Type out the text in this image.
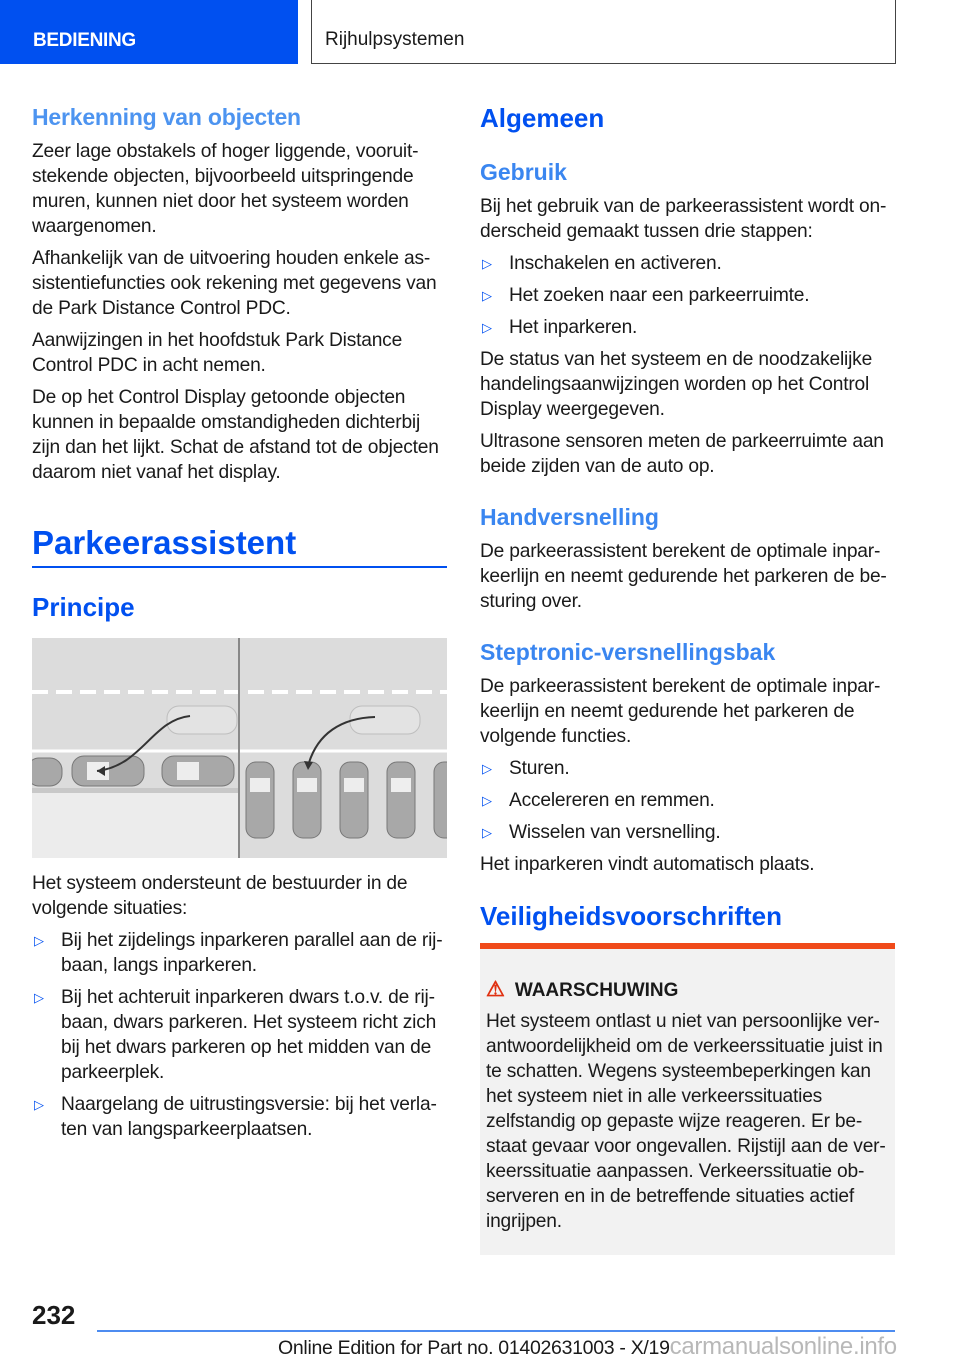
BEDIENING	Rijhulpsystemen
Herkenning van objecten

Zeer lage obstakels of hoger liggende, vooruitstekende objecten, bijvoorbeeld uitspringende muren, kunnen niet door het systeem worden waargenomen.

Afhankelijk van de uitvoering houden enkele assistentiefuncties ook rekening met gegevens van de Park Distance Control PDC.

Aanwijzingen in het hoofdstuk Park Distance Control PDC in acht nemen.

De op het Control Display getoonde objecten kunnen in bepaalde omstandigheden dichterbij zijn dan het lijkt. Schat de afstand tot de objecten daarom niet vanaf het display.

Parkeerassistent
Principe

Het systeem ondersteunt de bestuurder in de volgende situaties:

▷ Bij het zijdelings inparkeren parallel aan de rijbaan, langs inparkeren.
▷ Bij het achteruit inparkeren dwars t.o.v. de rijbaan, dwars parkeren. Het systeem richt zich bij het dwars parkeren op het midden van de parkeerplek.
▷ Naargelang de uitrustingsversie: bij het verlaten van langsparkeerplaatsen.
Algemeen
Gebruik

Bij het gebruik van de parkeerassistent wordt onderscheid gemaakt tussen drie stappen:

▷ Inschakelen en activeren.
▷ Het zoeken naar een parkeerruimte.
▷ Het inparkeren.

De status van het systeem en de noodzakelijke handelingsaanwijzingen worden op het Control Display weergegeven.

Ultrasone sensoren meten de parkeerruimte aan beide zijden van de auto op.

Handversnelling

De parkeerassistent berekent de optimale inparkeerlijn en neemt gedurende het parkeren de besturing over.

Steptronic-versnellingsbak

De parkeerassistent berekent de optimale inparkeerlijn en neemt gedurende het parkeren de volgende functies.

▷ Sturen.
▷ Accelereren en remmen.
▷ Wisselen van versnelling.

Het inparkeren vindt automatisch plaats.

Veiligheidsvoorschriften
⚠ WAARSCHUWING

Het systeem ontlast u niet van persoonlijke verantwoordelijkheid om de verkeerssituatie juist in te schatten. Wegens systeembeperkingen kan het systeem niet in alle verkeerssituaties zelfstandig op gepaste wijze reageren. Er bestaat gevaar voor ongevallen. Rijstijl aan de verkeerssituatie aanpassen. Verkeerssituatie observeren en in de betreffende situaties actief ingrijpen.

232
Online Edition for Part no. 01402631003 - X/19carmanualsonline.info
